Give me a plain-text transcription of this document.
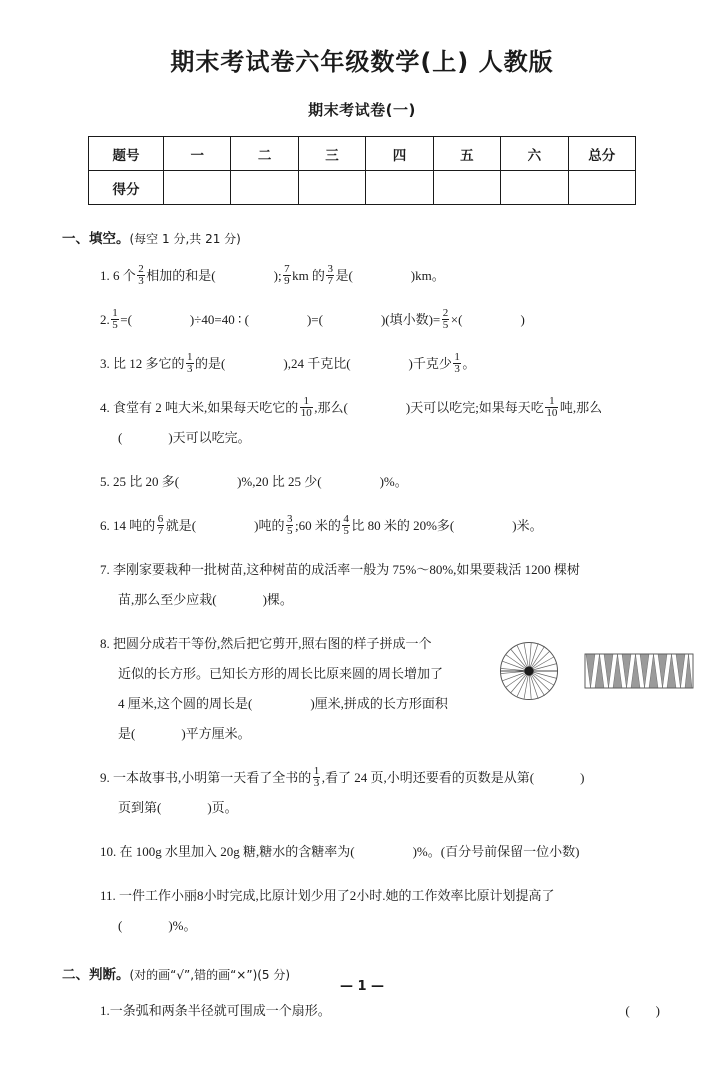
期末考试卷六年级数学(上) 人教版
期末考试卷(一)
题号	一	二	三	四	五	六	总分
得分							
一、填空。(每空 1 分,共 21 分)
1. 6 个 $\frac{2}{3}$ 相加的和是(	); $\frac{7}{9}$ km 的 $\frac{3}{7}$ 是(	)km。
2. $\frac{1}{5}$ =(	)÷40=40 ∶ (	)=(	)(填小数)= $\frac{2}{5}$ ×(	)
3. 比 12 多它的 $\frac{1}{3}$ 的是(	),24 千克比(	)千克少 $\frac{1}{3}$ 。
4. 食堂有 2 吨大米,如果每天吃它的 $\frac{1}{10}$ ,那么(	)天可以吃完;如果每天吃 $\frac{1}{10}$ 吨,那么
(	)天可以吃完。
5. 25 比 20 多(	)%,20 比 25 少(	)%。
6. 14 吨的 $\frac{6}{7}$ 就是(	)吨的 $\frac{3}{5}$ ;60 米的 $\frac{4}{5}$ 比 80 米的 20%多(	)米。
7. 李刚家要栽种一批树苗,这种树苗的成活率一般为 75%～80%,如果要栽活 1200 棵树
苗,那么至少应栽(	)棵。
8. 把圆分成若干等份,然后把它剪开,照右图的样子拼成一个
近似的长方形。已知长方形的周长比原来圆的周长增加了
4 厘米,这个圆的周长是(	)厘米,拼成的长方形面积
是(	)平方厘米。
9. 一本故事书,小明第一天看了全书的 $\frac{1}{3}$ ,看了 24 页,小明还要看的页数是从第(	)
页到第(	)页。
10. 在 100g 水里加入 20g 糖,糖水的含糖率为(	)%。(百分号前保留一位小数)
11. 一件工作小丽8小时完成,比原计划少用了2小时.她的工作效率比原计划提高了
(	)%。
二、判断。(对的画“√”,错的画“×”)(5 分)
1.一条弧和两条半径就可围成一个扇形。	(        )
— 1 —
